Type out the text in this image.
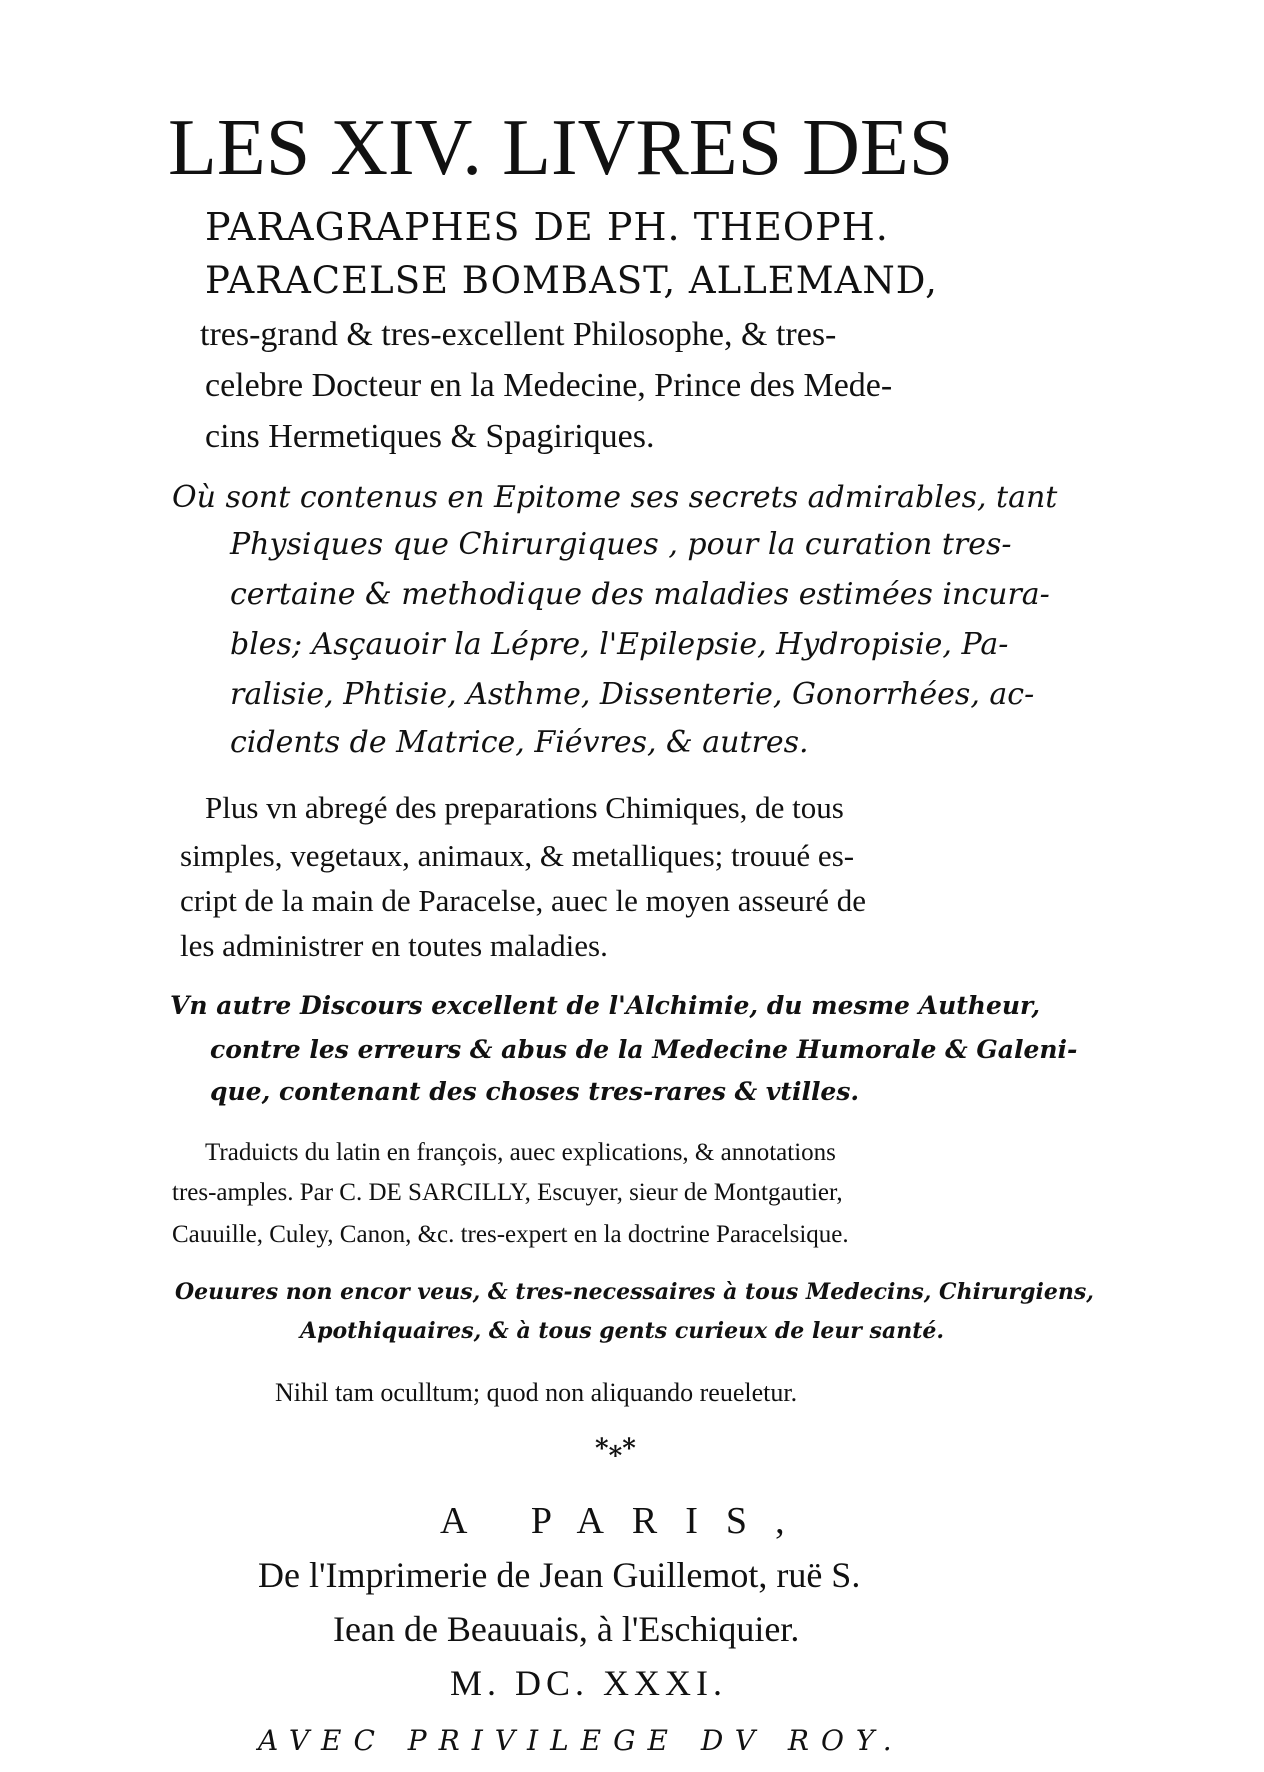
LES XIV. LIVRES DES
PARAGRAPHES DE PH. THEOPH.
PARACELSE BOMBAST, ALLEMAND,
tres-grand & tres-excellent Philosophe, & tres-
celebre Docteur en la Medecine, Prince des Mede-
cins Hermetiques & Spagiriques.
Où sont contenus en Epitome ses secrets admirables, tant
Physiques que Chirurgiques , pour la curation tres-
certaine & methodique des maladies estimées incura-
bles; Asçauoir la Lépre, l'Epilepsie, Hydropisie, Pa-
ralisie, Phtisie, Asthme, Dissenterie, Gonorrhées, ac-
cidents de Matrice, Fiévres, & autres.
Plus vn abregé des preparations Chimiques, de tous
simples, vegetaux, animaux, & metalliques; trouué es-
cript de la main de Paracelse, auec le moyen asseuré de
les administrer en toutes maladies.
Vn autre Discours excellent de l'Alchimie, du mesme Autheur,
contre les erreurs & abus de la Medecine Humorale & Galeni-
que, contenant des choses tres-rares & vtilles.
Traduicts du latin en françois, auec explications, & annotations
tres-amples. Par C. DE SARCILLY, Escuyer, sieur de Montgautier,
Cauuille, Culey, Canon, &c. tres-expert en la doctrine Paracelsique.
Oeuures non encor veus, & tres-necessaires à tous Medecins, Chirurgiens,
Apothiquaires, & à tous gents curieux de leur santé.
Nihil tam oculltum; quod non aliquando reueletur.
*⁎*
A PARIS,
De l'Imprimerie de Jean Guillemot, ruë S.
Iean de Beauuais, à l'Eschiquier.
M. DC. XXXI.
AVEC PRIVILEGE DV ROY.
